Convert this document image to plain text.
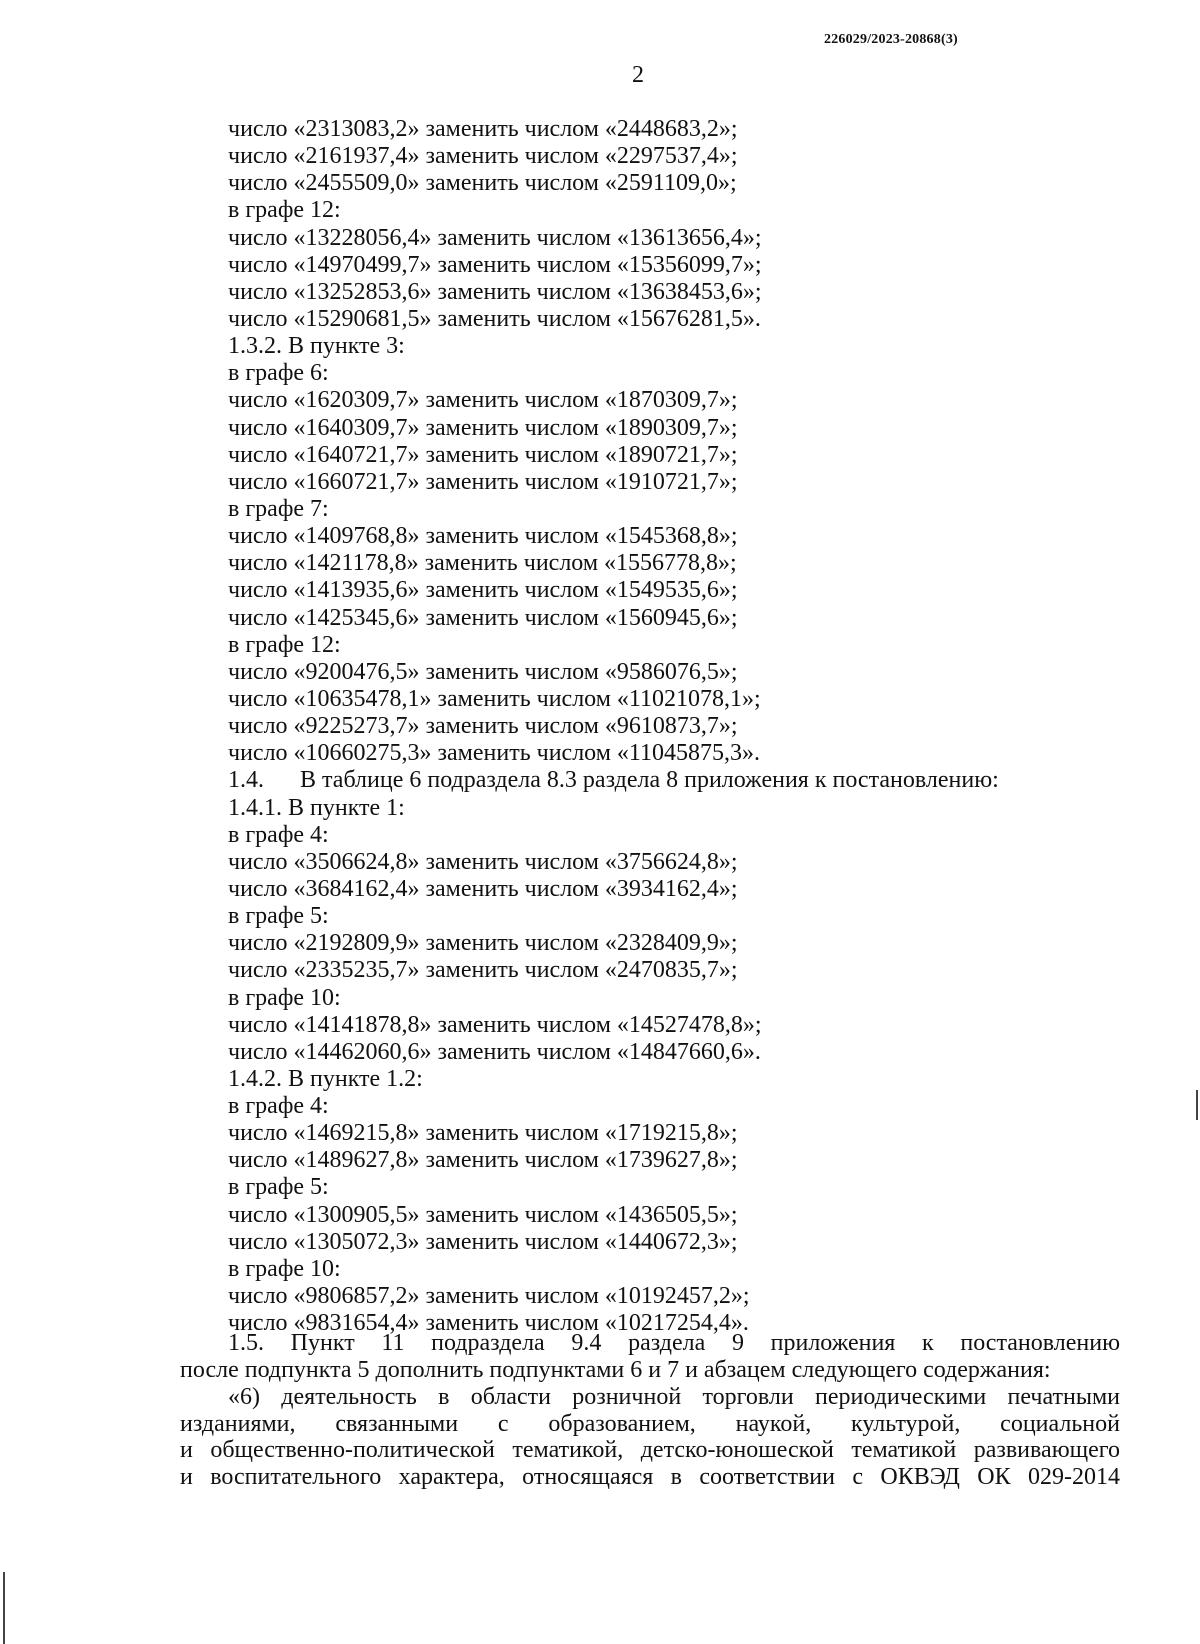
226029/2023-20868(3)
2
число «2313083,2» заменить числом «2448683,2»;
число «2161937,4» заменить числом «2297537,4»;
число «2455509,0» заменить числом «2591109,0»;
в графе 12:
число «13228056,4» заменить числом «13613656,4»;
число «14970499,7» заменить числом «15356099,7»;
число «13252853,6» заменить числом «13638453,6»;
число «15290681,5» заменить числом «15676281,5».
1.3.2. В пункте 3:
в графе 6:
число «1620309,7» заменить числом «1870309,7»;
число «1640309,7» заменить числом «1890309,7»;
число «1640721,7» заменить числом «1890721,7»;
число «1660721,7» заменить числом «1910721,7»;
в графе 7:
число «1409768,8» заменить числом «1545368,8»;
число «1421178,8» заменить числом «1556778,8»;
число «1413935,6» заменить числом «1549535,6»;
число «1425345,6» заменить числом «1560945,6»;
в графе 12:
число «9200476,5» заменить числом «9586076,5»;
число «10635478,1» заменить числом «11021078,1»;
число «9225273,7» заменить числом «9610873,7»;
число «10660275,3» заменить числом «11045875,3».
1.4. В таблице 6 подраздела 8.3 раздела 8 приложения к постановлению:
1.4.1. В пункте 1:
в графе 4:
число «3506624,8» заменить числом «3756624,8»;
число «3684162,4» заменить числом «3934162,4»;
в графе 5:
число «2192809,9» заменить числом «2328409,9»;
число «2335235,7» заменить числом «2470835,7»;
в графе 10:
число «14141878,8» заменить числом «14527478,8»;
число «14462060,6» заменить числом «14847660,6».
1.4.2. В пункте 1.2:
в графе 4:
число «1469215,8» заменить числом «1719215,8»;
число «1489627,8» заменить числом «1739627,8»;
в графе 5:
число «1300905,5» заменить числом «1436505,5»;
число «1305072,3» заменить числом «1440672,3»;
в графе 10:
число «9806857,2» заменить числом «10192457,2»;
число «9831654,4» заменить числом «10217254,4».
1.5. Пункт 11 подраздела 9.4 раздела 9 приложения к постановлению
после подпункта 5 дополнить подпунктами 6 и 7 и абзацем следующего содержания:
«6) деятельность в области розничной торговли периодическими печатными
изданиями, связанными с образованием, наукой, культурой, социальной
и общественно-политической тематикой, детско-юношеской тематикой развивающего
и воспитательного характера, относящаяся в соответствии с ОКВЭД ОК 029-2014
